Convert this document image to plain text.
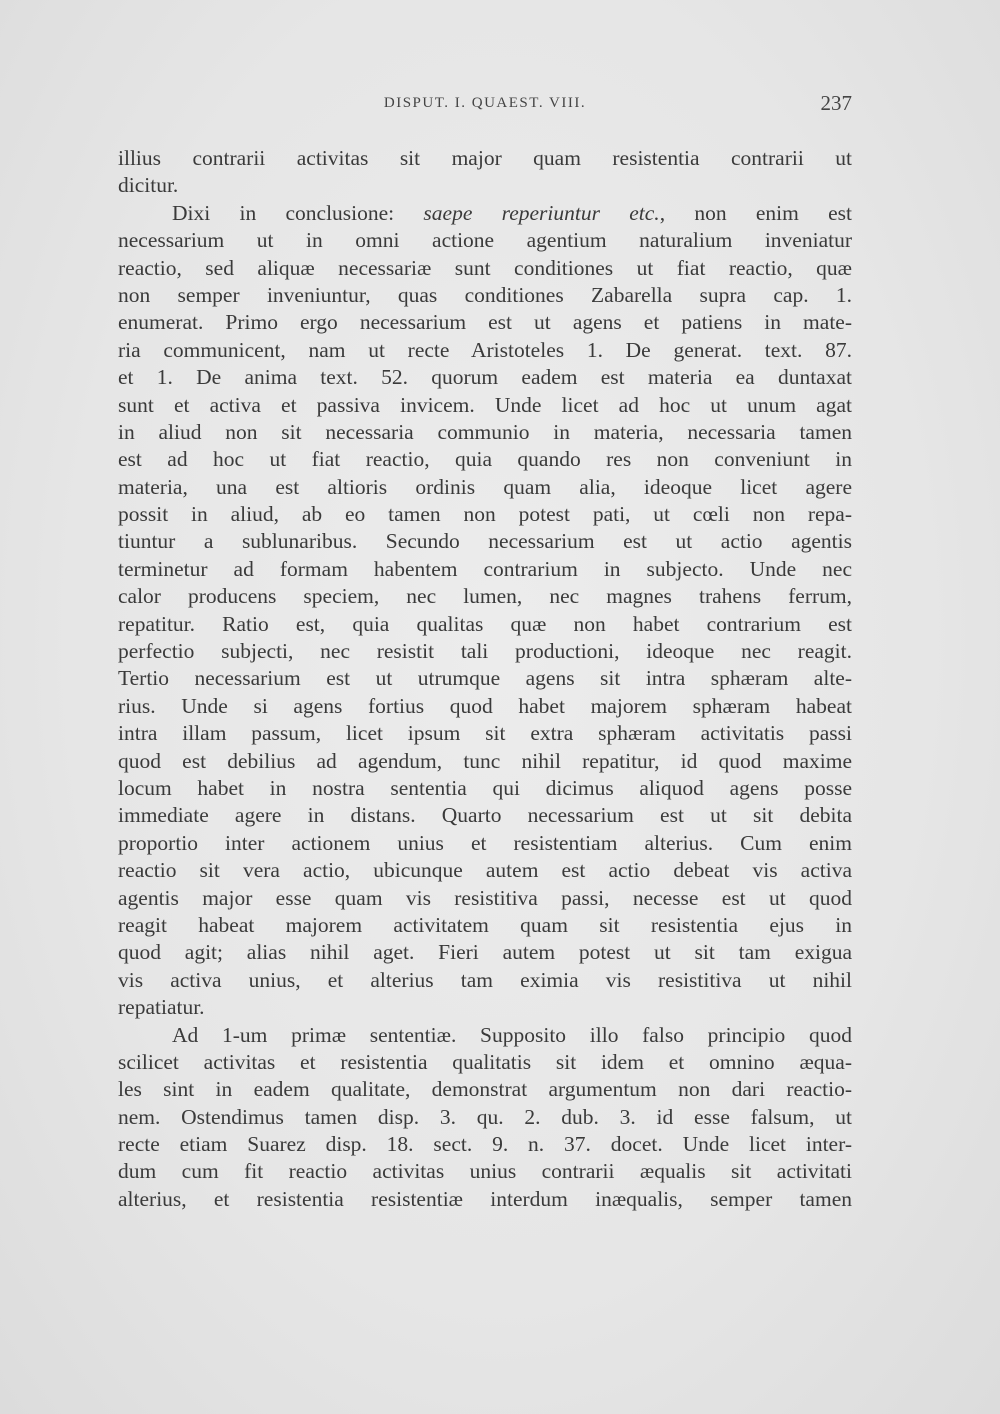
DISPUT. I. QUAEST. VIII.	237
illius contrarii activitas sit major quam resistentia contrarii ut
dicitur.
Dixi in conclusione: saepe reperiuntur etc., non enim est
necessarium ut in omni actione agentium naturalium inveniatur
reactio, sed aliquæ necessariæ sunt conditiones ut fiat reactio, quæ
non semper inveniuntur, quas conditiones Zabarella supra cap. 1.
enumerat. Primo ergo necessarium est ut agens et patiens in mate-
ria communicent, nam ut recte Aristoteles 1. De generat. text. 87.
et 1. De anima text. 52. quorum eadem est materia ea duntaxat
sunt et activa et passiva invicem. Unde licet ad hoc ut unum agat
in aliud non sit necessaria communio in materia, necessaria tamen
est ad hoc ut fiat reactio, quia quando res non conveniunt in
materia, una est altioris ordinis quam alia, ideoque licet agere
possit in aliud, ab eo tamen non potest pati, ut cœli non repa-
tiuntur a sublunaribus. Secundo necessarium est ut actio agentis
terminetur ad formam habentem contrarium in subjecto. Unde nec
calor producens speciem, nec lumen, nec magnes trahens ferrum,
repatitur. Ratio est, quia qualitas quæ non habet contrarium est
perfectio subjecti, nec resistit tali productioni, ideoque nec reagit.
Tertio necessarium est ut utrumque agens sit intra sphæram alte-
rius. Unde si agens fortius quod habet majorem sphæram habeat
intra illam passum, licet ipsum sit extra sphæram activitatis passi
quod est debilius ad agendum, tunc nihil repatitur, id quod maxime
locum habet in nostra sententia qui dicimus aliquod agens posse
immediate agere in distans. Quarto necessarium est ut sit debita
proportio inter actionem unius et resistentiam alterius. Cum enim
reactio sit vera actio, ubicunque autem est actio debeat vis activa
agentis major esse quam vis resistitiva passi, necesse est ut quod
reagit habeat majorem activitatem quam sit resistentia ejus in
quod agit; alias nihil aget. Fieri autem potest ut sit tam exigua
vis activa unius, et alterius tam eximia vis resistitiva ut nihil
repatiatur.
Ad 1-um primæ sententiæ. Supposito illo falso principio quod
scilicet activitas et resistentia qualitatis sit idem et omnino æqua-
les sint in eadem qualitate, demonstrat argumentum non dari reactio-
nem. Ostendimus tamen disp. 3. qu. 2. dub. 3. id esse falsum, ut
recte etiam Suarez disp. 18. sect. 9. n. 37. docet. Unde licet inter-
dum cum fit reactio activitas unius contrarii æqualis sit activitati
alterius, et resistentia resistentiæ interdum inæqualis, semper tamen
